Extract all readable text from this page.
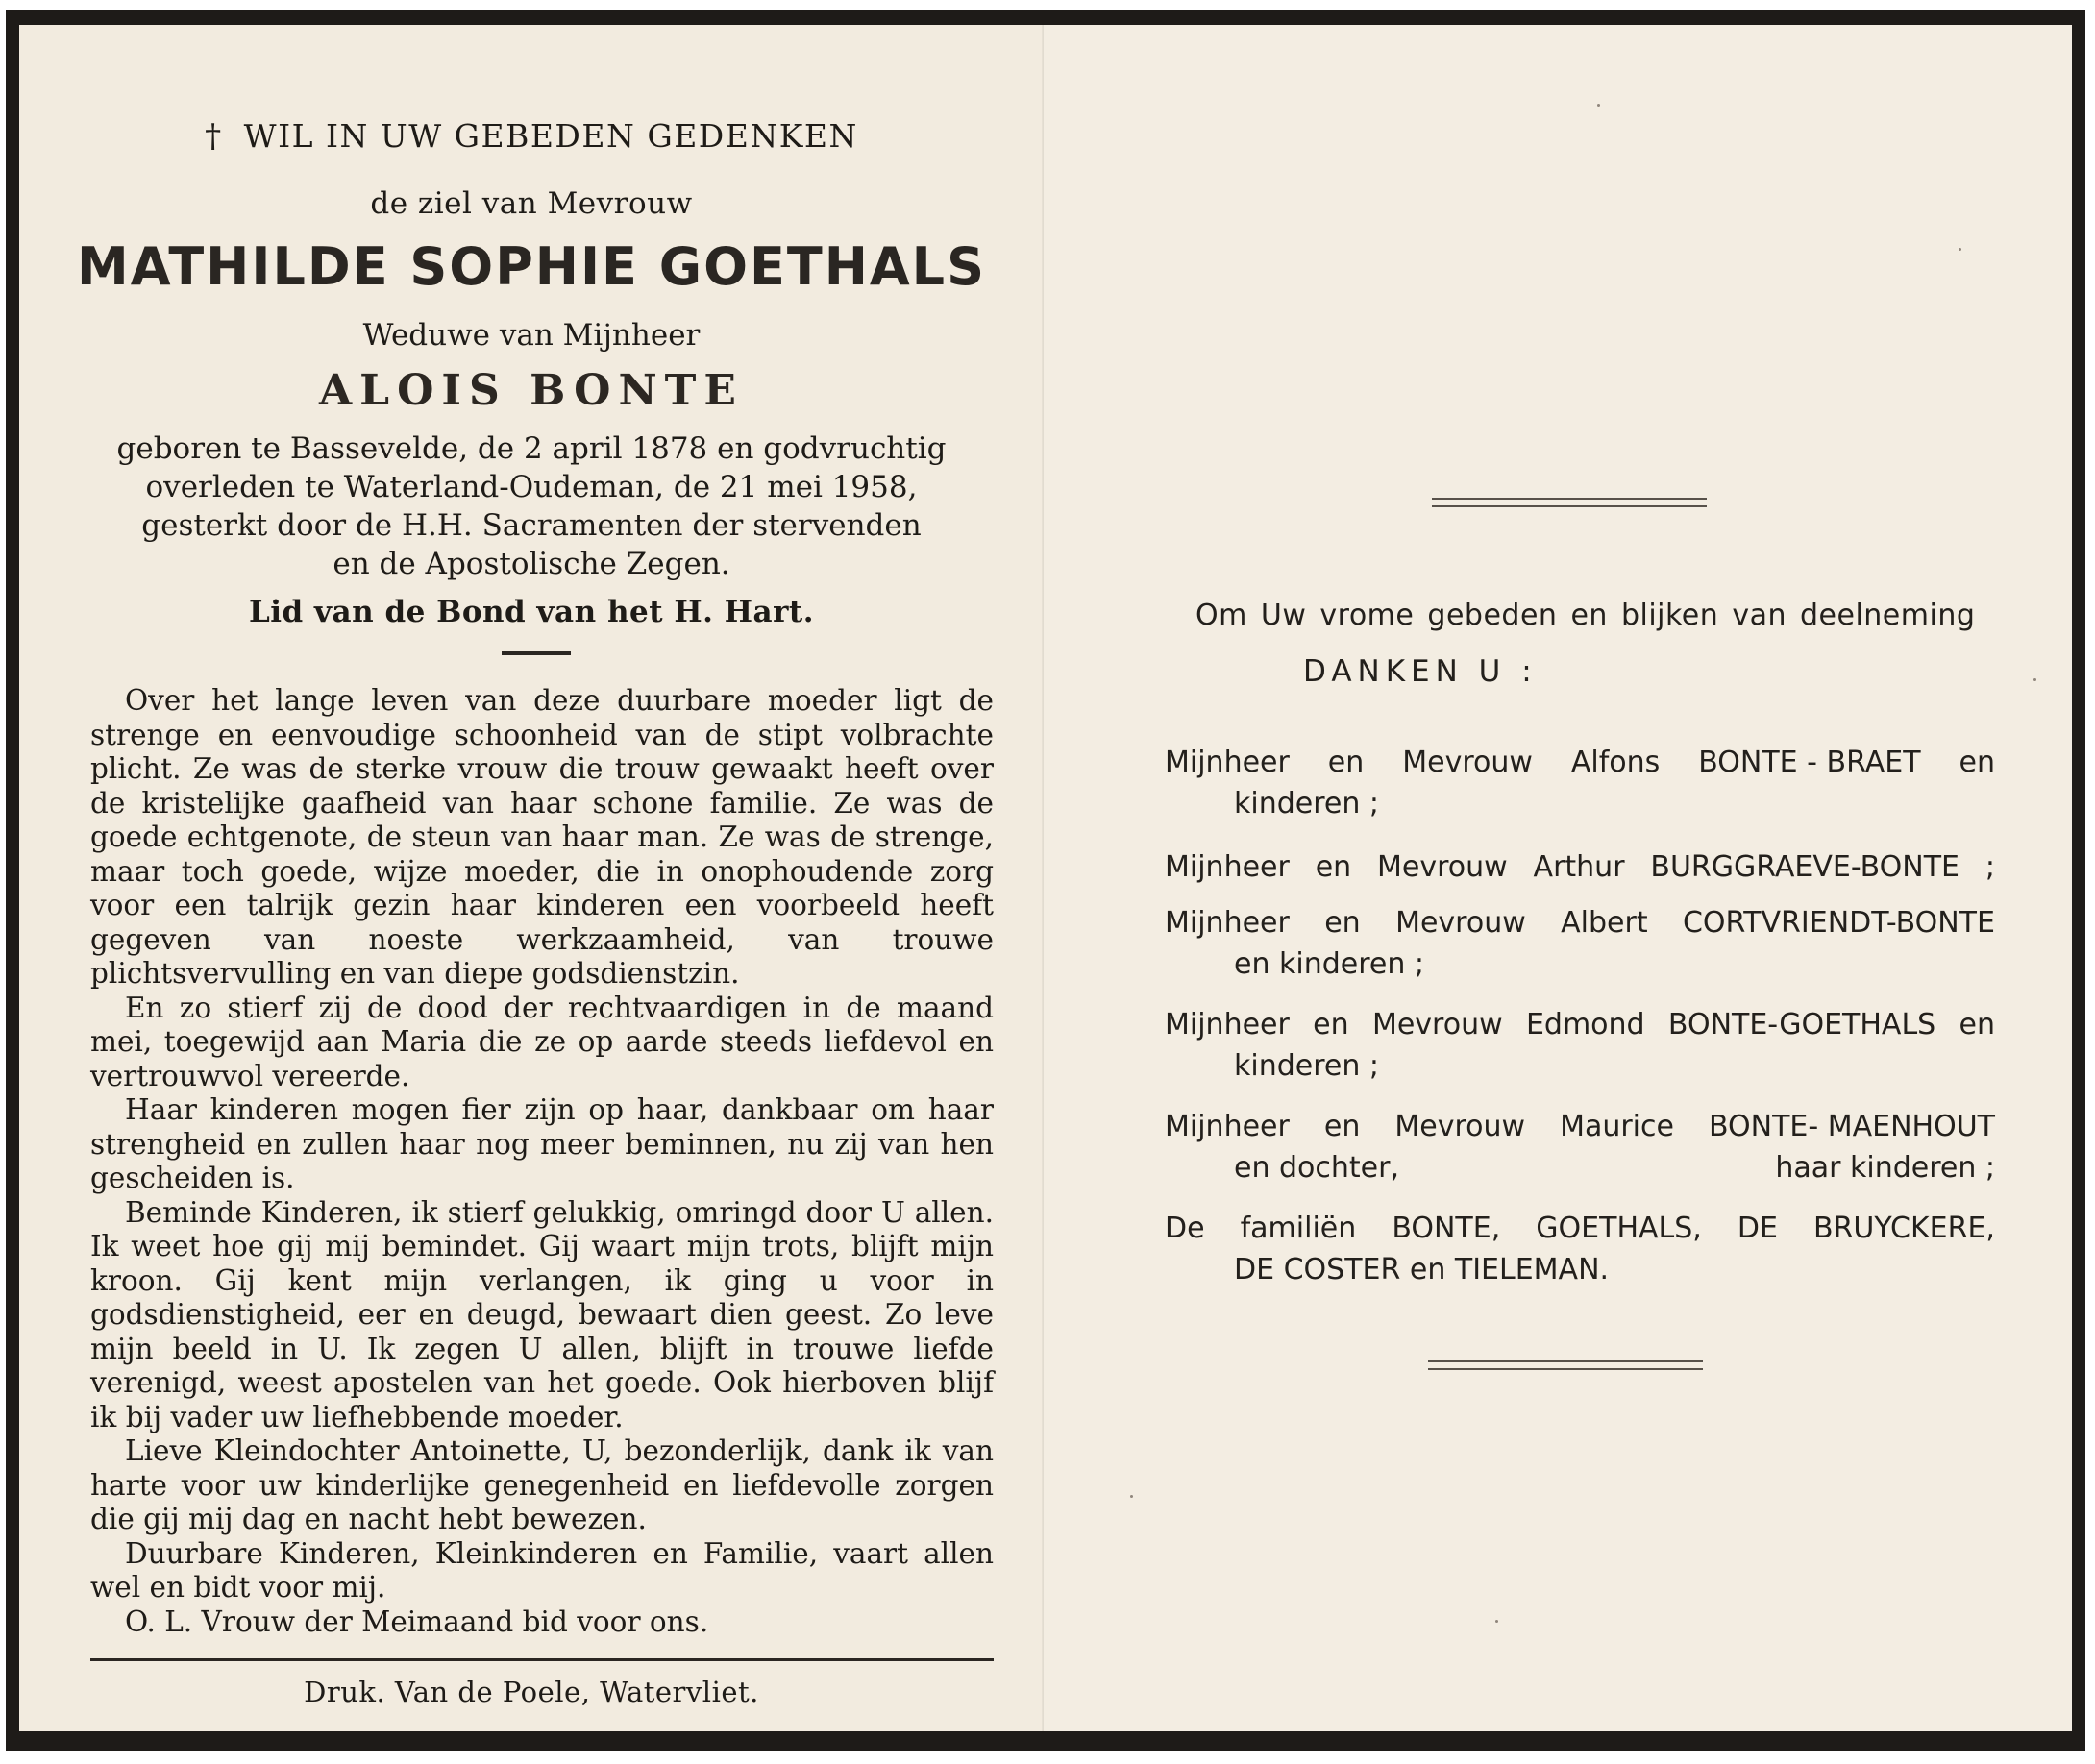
† WIL IN UW GEBEDEN GEDENKEN
de ziel van Mevrouw
MATHILDE SOPHIE GOETHALS
Weduwe van Mijnheer
ALOIS BONTE
geboren te Bassevelde, de 2 april 1878 en godvruchtig
overleden te Waterland-Oudeman, de 21 mei 1958,
gesterkt door de H.H. Sacramenten der stervenden
en de Apostolische Zegen.
Lid van de Bond van het H. Hart.

Over het lange leven van deze duurbare moeder ligt de strenge en eenvoudige schoonheid van de stipt volbrachte plicht. Ze was de sterke vrouw die trouw gewaakt heeft over de kristelijke gaafheid van haar schone familie. Ze was de goede echtgenote, de steun van haar man. Ze was de strenge, maar toch goede, wijze moeder, die in onophoudende zorg voor een talrijk gezin haar kinderen een voorbeeld heeft gegeven van noeste werkzaamheid, van trouwe plichtsvervulling en van diepe godsdienstzin.

En zo stierf zij de dood der rechtvaardigen in de maand mei, toegewijd aan Maria die ze op aarde steeds liefdevol en vertrouwvol vereerde.

Haar kinderen mogen fier zijn op haar, dankbaar om haar strengheid en zullen haar nog meer beminnen, nu zij van hen gescheiden is.

Beminde Kinderen, ik stierf gelukkig, omringd door U allen. Ik weet hoe gij mij bemindet. Gij waart mijn trots, blijft mijn kroon. Gij kent mijn verlangen, ik ging u voor in godsdienstigheid, eer en deugd, bewaart dien geest. Zo leve mijn beeld in U. Ik zegen U allen, blijft in trouwe liefde verenigd, weest apostelen van het goede. Ook hierboven blijf ik bij vader uw liefhebbende moeder.

Lieve Kleindochter Antoinette, U, bezonderlijk, dank ik van harte voor uw kinderlijke genegenheid en liefdevolle zorgen die gij mij dag en nacht hebt bewezen.

Duurbare Kinderen, Kleinkinderen en Familie, vaart allen wel en bidt voor mij.

O. L. Vrouw der Meimaand bid voor ons.

Druk. Van de Poele, Watervliet.
Om Uw vrome gebeden en blijken van deelneming
DANKEN U :
Mijnheer en Mevrouw Alfons BONTE - BRAET en
kinderen ;
Mijnheer en Mevrouw Arthur BURGGRAEVE-BONTE ;
Mijnheer en Mevrouw Albert CORTVRIENDT-BONTE
en kinderen ;
Mijnheer en Mevrouw Edmond BONTE-GOETHALS en
kinderen ;
Mijnheer en Mevrouw Maurice BONTE- MAENHOUT
en dochter,	haar kinderen ;
De familiën BONTE, GOETHALS, DE BRUYCKERE,
DE COSTER en TIELEMAN.
